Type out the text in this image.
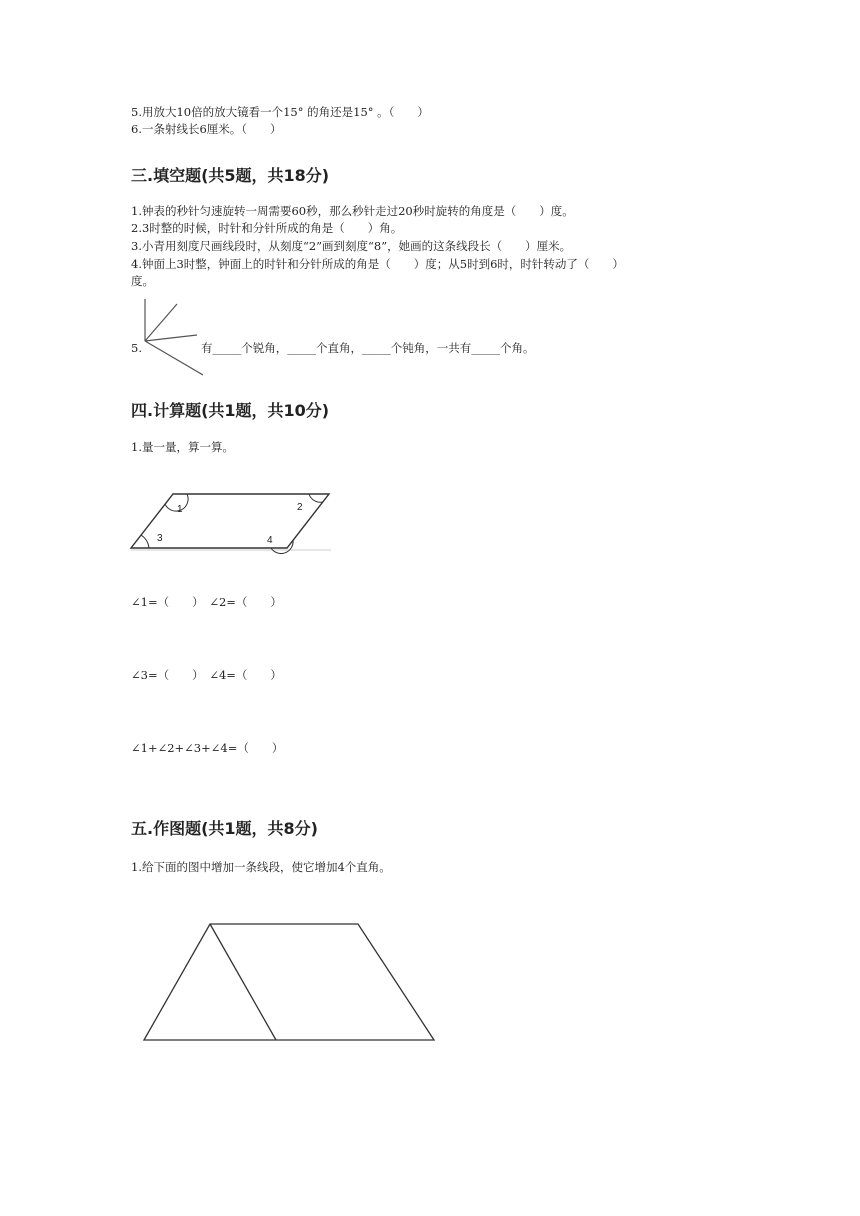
5.用放大10倍的放大镜看一个15° 的角还是15° 。（　　）
6.一条射线长6厘米。（　　）
三.填空题(共5题，共18分)
1.钟表的秒针匀速旋转一周需要60秒，那么秒针走过20秒时旋转的角度是（　　）度。
2.3时整的时候，时针和分针所成的角是（　　）角。
3.小青用刻度尺画线段时，从刻度“2”画到刻度“8”，她画的这条线段长（　　）厘米。
4.钟面上3时整，钟面上的时针和分针所成的角是（　　）度；从5时到6时，时针转动了（　　）
度。
5.	有_____个锐角，_____个直角，_____个钝角，一共有_____个角。
四.计算题(共1题，共10分)
1.量一量，算一算。
1	2
3	4
∠1=（　　）　∠2=（　　）
∠3=（　　）　∠4=（　　）
∠1+∠2+∠3+∠4=（　　）
五.作图题(共1题，共8分)
1.给下面的图中增加一条线段，使它增加4个直角。
